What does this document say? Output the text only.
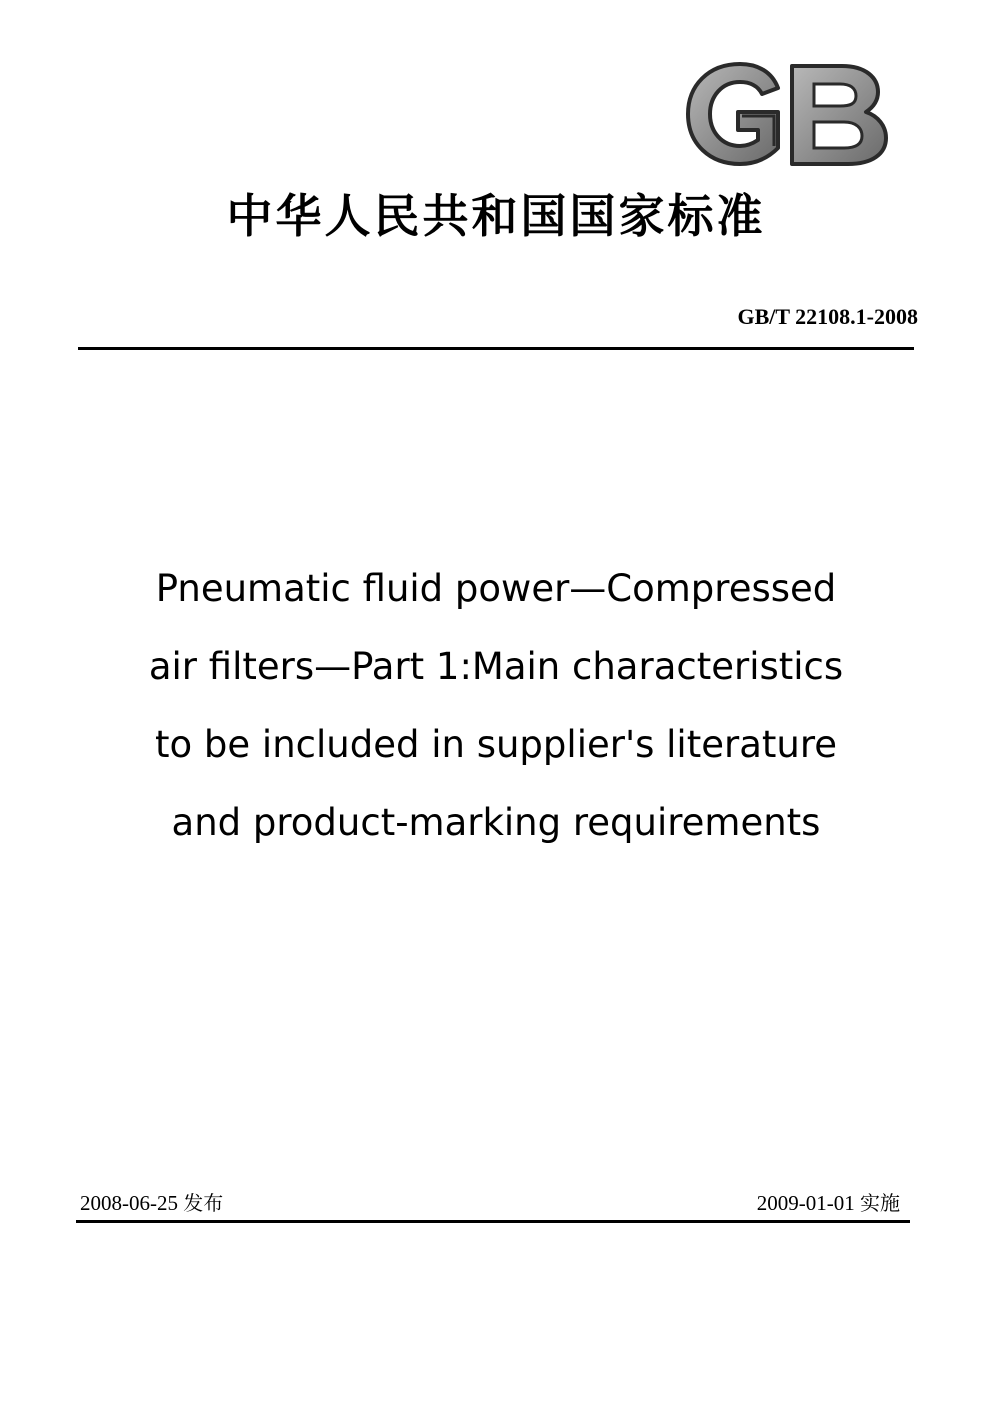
中华人民共和国国家标准
GB/T 22108.1-2008
Pneumatic fluid power—Compressed
air filters—Part 1:Main characteristics
to be included in supplier's literature
and product-marking requirements
2008-06-25 发布	2009-01-01 实施
